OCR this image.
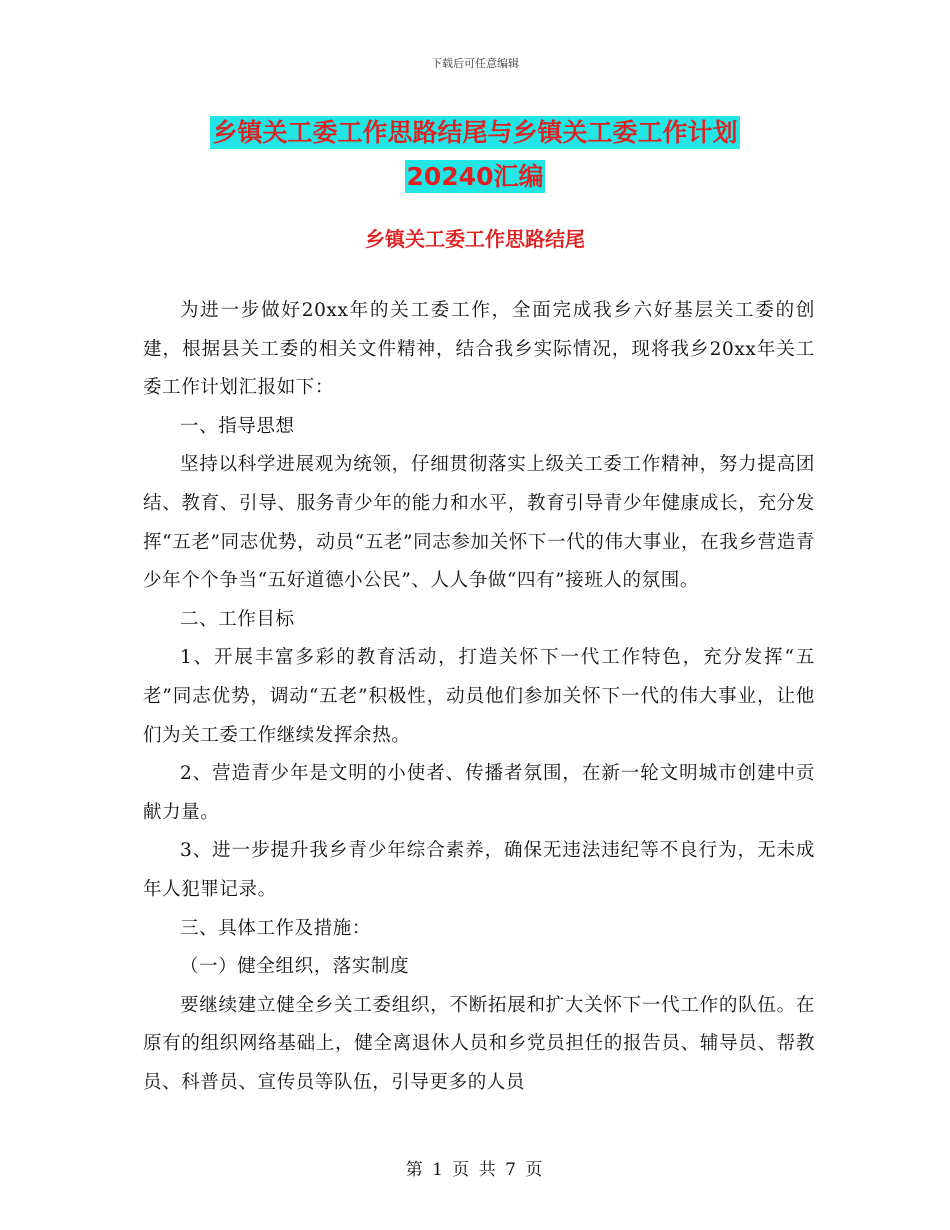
下载后可任意编辑
乡镇关工委工作思路结尾与乡镇关工委工作计划
20240汇编
乡镇关工委工作思路结尾

为进一步做好20xx年的关工委工作，全面完成我乡六好基层关工委的创建，根据县关工委的相关文件精神，结合我乡实际情况，现将我乡20xx年关工委工作计划汇报如下：

一、指导思想

坚持以科学进展观为统领，仔细贯彻落实上级关工委工作精神，努力提高团结、教育、引导、服务青少年的能力和水平，教育引导青少年健康成长，充分发挥“五老”同志优势，动员“五老”同志参加关怀下一代的伟大事业，在我乡营造青少年个个争当“五好道德小公民”、人人争做“四有”接班人的氛围。

二、工作目标

1、开展丰富多彩的教育活动，打造关怀下一代工作特色，充分发挥“五老”同志优势，调动“五老”积极性，动员他们参加关怀下一代的伟大事业，让他们为关工委工作继续发挥余热。

2、营造青少年是文明的小使者、传播者氛围，在新一轮文明城市创建中贡献力量。

3、进一步提升我乡青少年综合素养，确保无违法违纪等不良行为，无未成年人犯罪记录。

三、具体工作及措施：

（一）健全组织，落实制度

要继续建立健全乡关工委组织，不断拓展和扩大关怀下一代工作的队伍。在原有的组织网络基础上，健全离退休人员和乡党员担任的报告员、辅导员、帮教员、科普员、宣传员等队伍，引导更多的人员

第 1 页 共 7 页
